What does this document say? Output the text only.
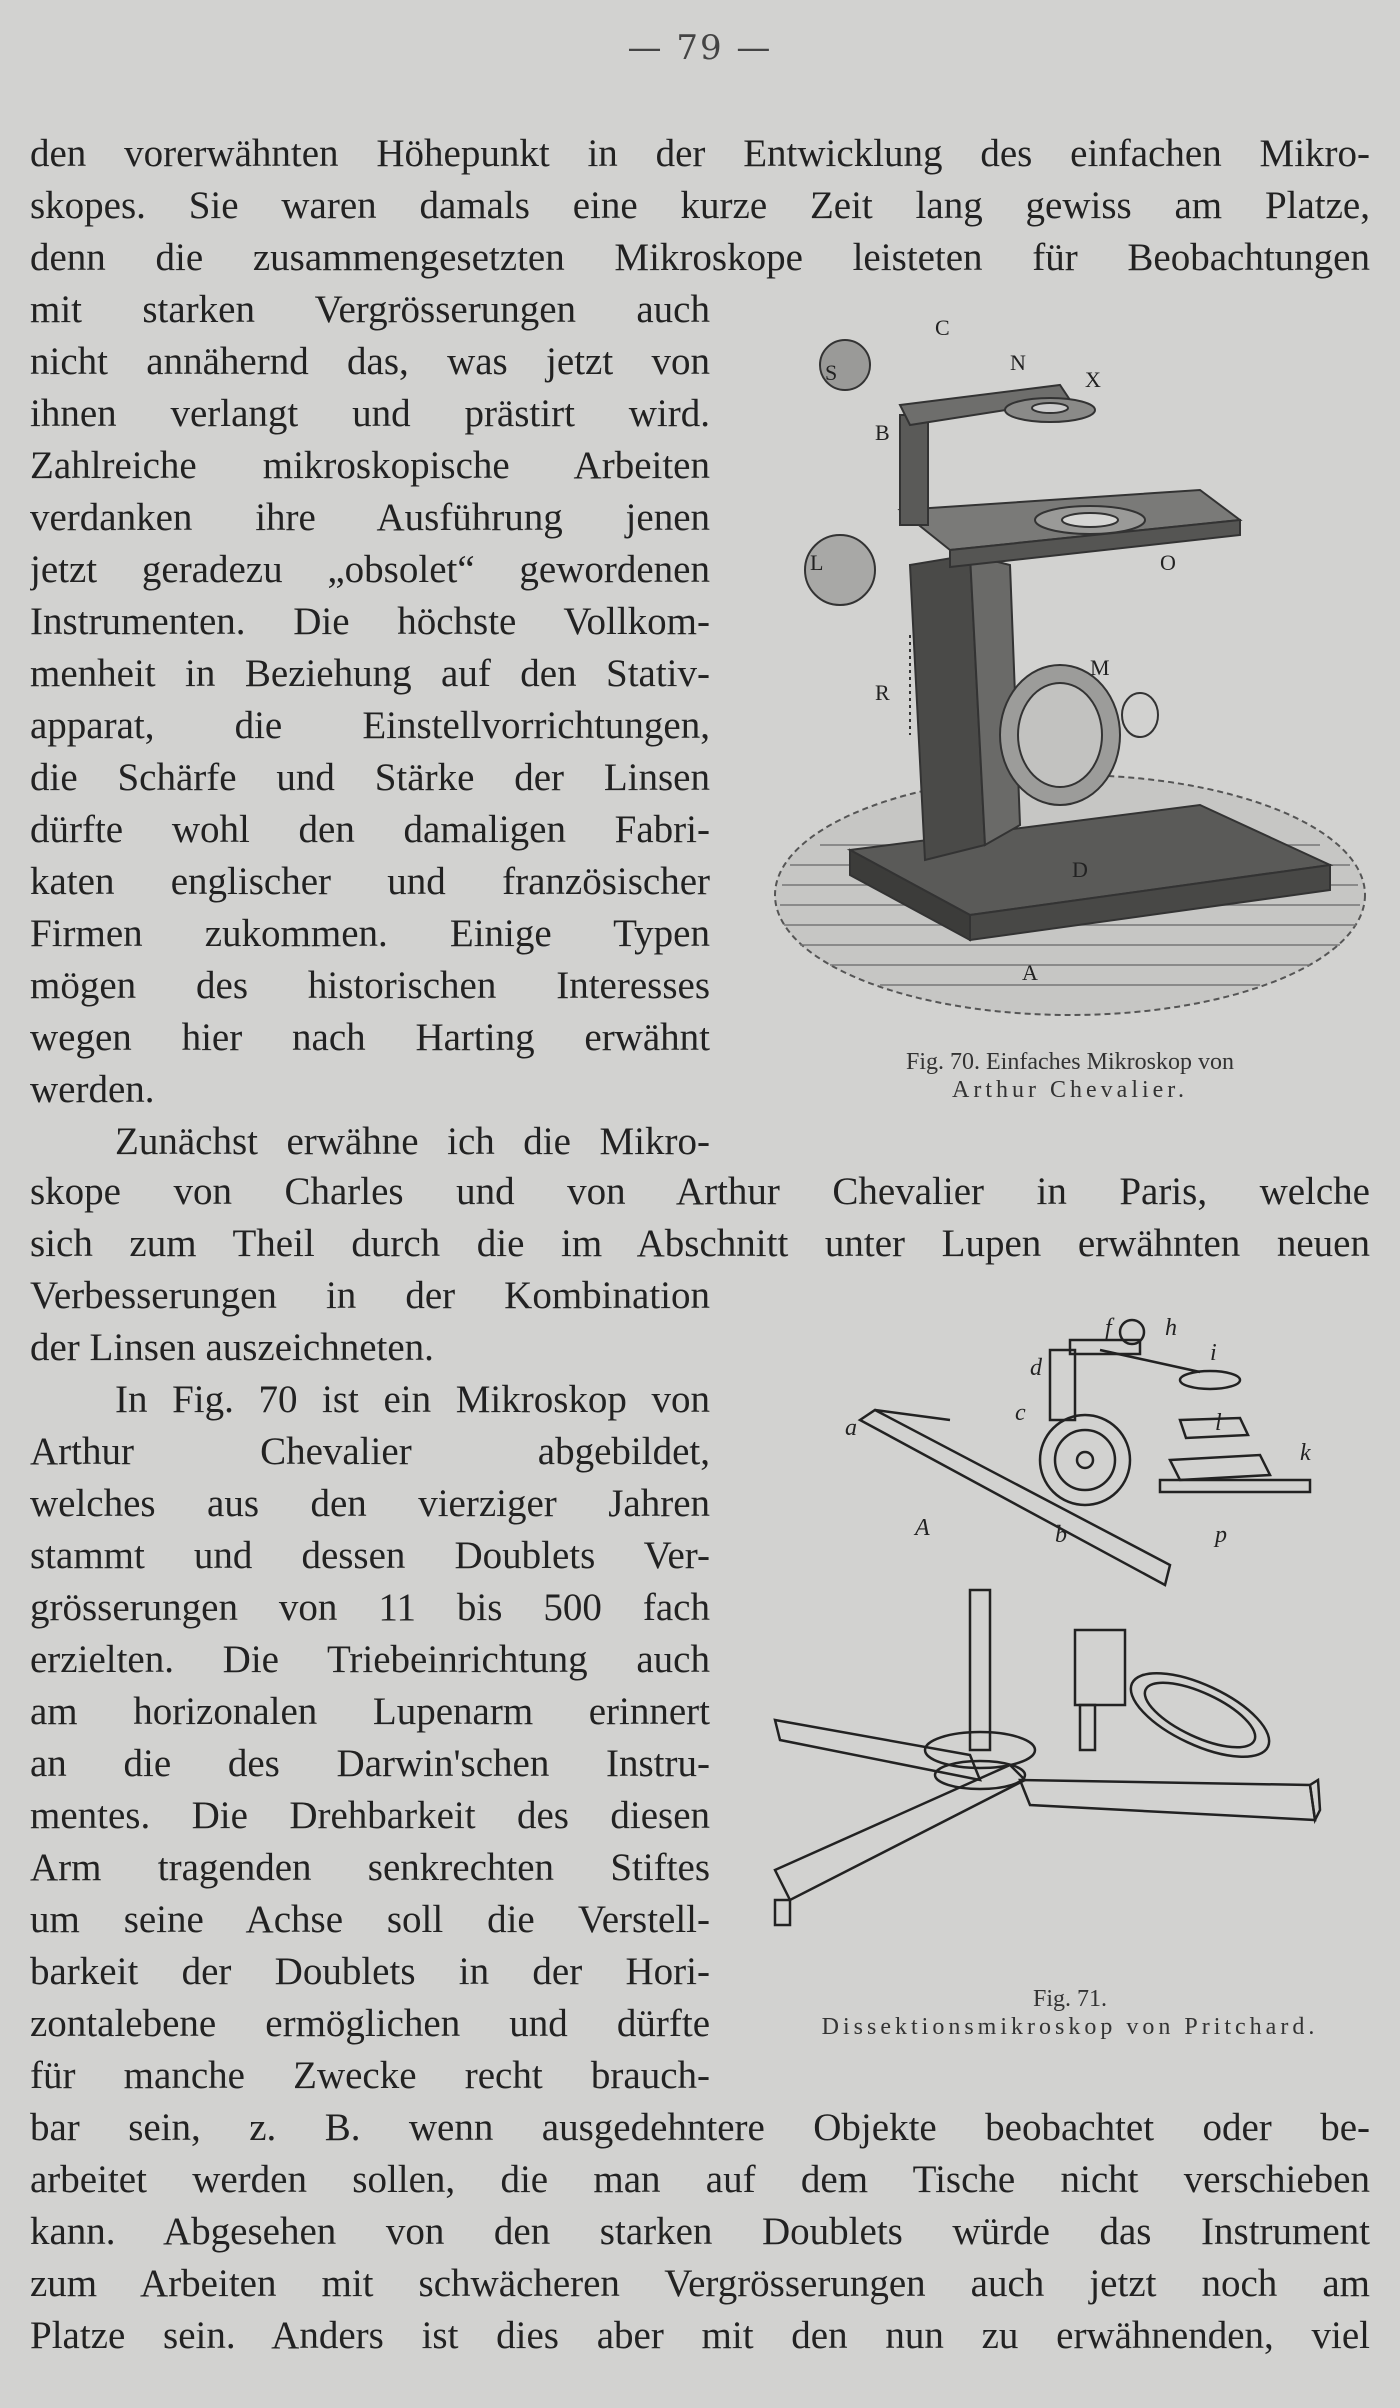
— 79 —
den vorerwähnten Höhepunkt in der Entwicklung des einfachen Mikro-
skopes. Sie waren damals eine kurze Zeit lang gewiss am Platze,
denn die zusammengesetzten Mikroskope leisteten für Beobachtungen
mit starken Vergrösserungen auch
nicht annähernd das, was jetzt von
ihnen verlangt und prästirt wird.
Zahlreiche mikroskopische Arbeiten
verdanken ihre Ausführung jenen
jetzt geradezu „obsolet“ gewordenen
Instrumenten. Die höchste Vollkom-
menheit in Beziehung auf den Stativ-
apparat, die Einstellvorrichtungen,
die Schärfe und Stärke der Linsen
dürfte wohl den damaligen Fabri-
katen englischer und französischer
Firmen zukommen. Einige Typen
mögen des historischen Interesses
wegen hier nach Harting erwähnt
werden.
Zunächst erwähne ich die Mikro-
skope von Charles und von Arthur Chevalier in Paris, welche
sich zum Theil durch die im Abschnitt unter Lupen erwähnten neuen
Verbesserungen in der Kombination
der Linsen auszeichneten.
In Fig. 70 ist ein Mikroskop von
Arthur Chevalier abgebildet,
welches aus den vierziger Jahren
stammt und dessen Doublets Ver-
grösserungen von 11 bis 500 fach
erzielten. Die Triebeinrichtung auch
am horizonalen Lupenarm erinnert
an die des Darwin'schen Instru-
mentes. Die Drehbarkeit des diesen
Arm tragenden senkrechten Stiftes
um seine Achse soll die Verstell-
barkeit der Doublets in der Hori-
zontalebene ermöglichen und dürfte
für manche Zwecke recht brauch-
bar sein, z. B. wenn ausgedehntere Objekte beobachtet oder be-
arbeitet werden sollen, die man auf dem Tische nicht verschieben
kann. Abgesehen von den starken Doublets würde das Instrument
zum Arbeiten mit schwächeren Vergrösserungen auch jetzt noch am
Platze sein. Anders ist dies aber mit den nun zu erwähnenden, viel
S
C
N
X
B
L	O
M
R
D
A
Fig. 70. Einfaches Mikroskop von
Arthur Chevalier.
f h
d
i
c
a	l
k
A	b	p
Fig. 71.
Dissektionsmikroskop von Pritchard.
